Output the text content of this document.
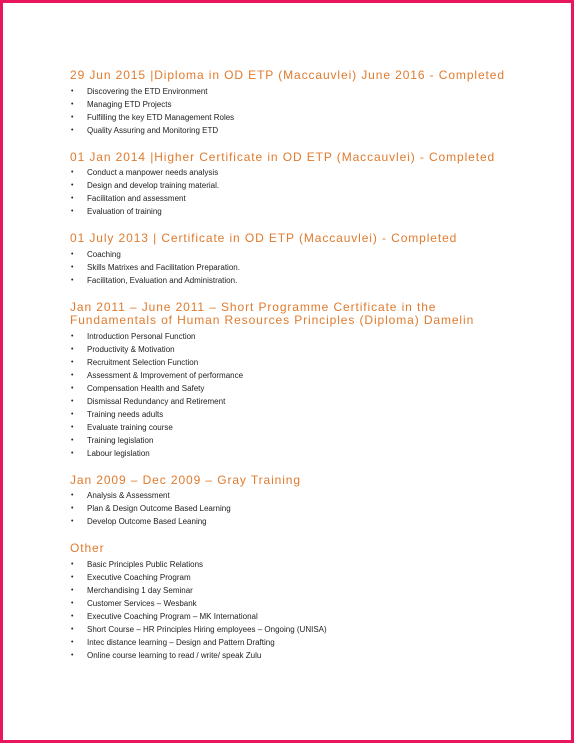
29 Jun 2015 |Diploma in OD ETP (Maccauvlei) June 2016 - Completed
• Discovering the ETD Environment
• Managing ETD Projects
• Fulfilling the key ETD Management Roles
• Quality Assuring and Monitoring ETD
01 Jan 2014 |Higher Certificate in OD ETP (Maccauvlei) - Completed
• Conduct a manpower needs analysis
• Design and develop training material.
• Facilitation and assessment
• Evaluation of training
01 July 2013 | Certificate in OD ETP (Maccauvlei) - Completed
• Coaching
• Skills Matrixes and Facilitation Preparation.
• Facilitation, Evaluation and Administration.
Jan 2011 – June 2011 – Short Programme Certificate in the Fundamentals of Human Resources Principles (Diploma) Damelin
• Introduction Personal Function
• Productivity & Motivation
• Recruitment Selection Function
• Assessment & Improvement of performance
• Compensation Health and Safety
• Dismissal Redundancy and Retirement
• Training needs adults
• Evaluate training course
• Training legislation
• Labour legislation
Jan 2009 – Dec 2009 – Gray Training
• Analysis & Assessment
• Plan & Design Outcome Based Learning
• Develop Outcome Based Leaning
Other
• Basic Principles Public Relations
• Executive Coaching Program
• Merchandising 1 day Seminar
• Customer Services – Wesbank
• Executive Coaching Program – MK International
• Short Course – HR Principles Hiring employees – Ongoing (UNISA)
• Intec distance learning – Design and Pattern Drafting
• Online course learning to read / write/ speak Zulu
